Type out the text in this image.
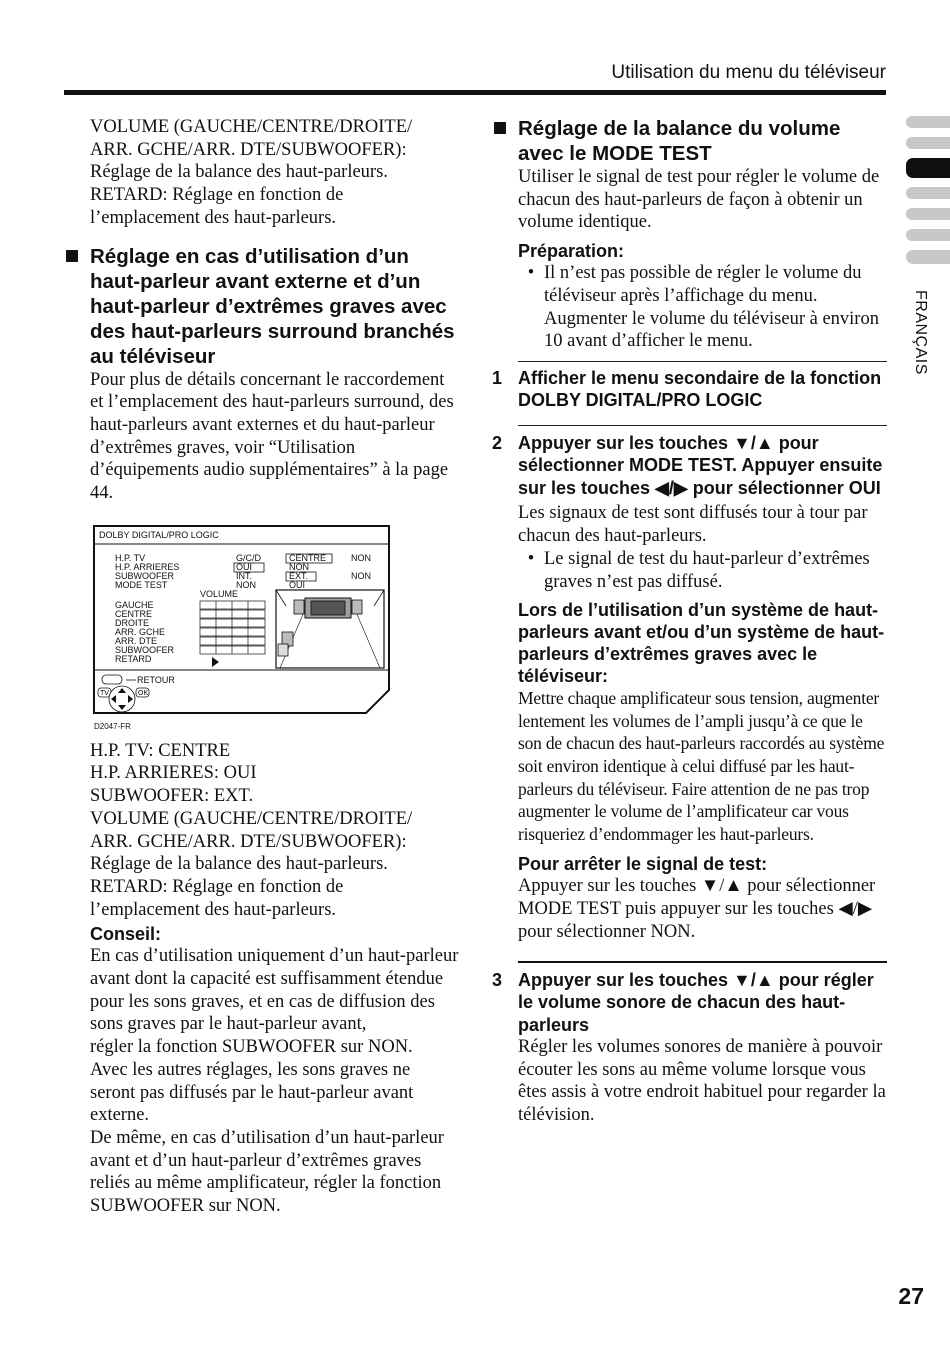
Utilisation du menu du téléviseur
FRANÇAIS
VOLUME (GAUCHE/CENTRE/DROITE/
ARR. GCHE/ARR. DTE/SUBWOOFER):
Réglage de la balance des haut-parleurs.
RETARD: Réglage en fonction de
l’emplacement des haut-parleurs.
Réglage en cas d’utilisation d’un haut-parleur avant externe et d’un haut-parleur d’extrêmes graves avec des haut-parleurs surround branchés au téléviseur

Pour plus de détails concernant le raccordement et l’emplacement des haut-parleurs surround, des haut-parleurs avant externes et du haut-parleur d’extrêmes graves, voir “Utilisation d’équipements audio supplémentaires” à la page 44.

DOLBY DIGITAL/PRO LOGIC
H.P. TV
H.P. ARRIERES
SUBWOOFER
MODE TEST
G/C/D
OUI
INT.
NON
CENTRE
NON
EXT.
OUI
NON
NON
VOLUME
GAUCHE
CENTRE
DROITE
ARR. GCHE
ARR. DTE
SUBWOOFER
RETARD
RETOUR
TV	OK
D2047-FR
H.P. TV: CENTRE
H.P. ARRIERES: OUI
SUBWOOFER: EXT.
VOLUME (GAUCHE/CENTRE/DROITE/
ARR. GCHE/ARR. DTE/SUBWOOFER):
Réglage de la balance des haut-parleurs.
RETARD: Réglage en fonction de
l’emplacement des haut-parleurs.
Conseil:
En cas d’utilisation uniquement d’un haut-parleur avant dont la capacité est suffisamment étendue pour les sons graves, et en cas de diffusion des sons graves par le haut-parleur avant,
régler la fonction SUBWOOFER sur NON.
Avec les autres réglages, les sons graves ne seront pas diffusés par le haut-parleur avant externe.
De même, en cas d’utilisation d’un haut-parleur avant et d’un haut-parleur d’extrêmes graves reliés au même amplificateur, régler la fonction SUBWOOFER sur NON.
Réglage de la balance du volume avec le MODE TEST

Utiliser le signal de test pour régler le volume de chacun des haut-parleurs de façon à obtenir un volume identique.

Préparation:
• Il n’est pas possible de régler le volume du téléviseur après l’affichage du menu. Augmenter le volume du téléviseur à environ 10 avant d’afficher le menu.
1 Afficher le menu secondaire de la fonction DOLBY DIGITAL/PRO LOGIC
2 Appuyer sur les touches ▼/▲ pour sélectionner MODE TEST. Appuyer ensuite sur les touches ◀/▶ pour sélectionner OUI

Les signaux de test sont diffusés tour à tour par chacun des haut-parleurs.

• Le signal de test du haut-parleur d’extrêmes graves n’est pas diffusé.
Lors de l’utilisation d’un système de haut-parleurs avant et/ou d’un système de haut-parleurs d’extrêmes graves avec le téléviseur:

Mettre chaque amplificateur sous tension, augmenter lentement les volumes de l’ampli jusqu’à ce que le son de chacun des haut-parleurs raccordés au système soit environ identique à celui diffusé par les haut-parleurs du téléviseur. Faire attention de ne pas trop augmenter le volume de l’amplificateur car vous risqueriez d’endommager les haut-parleurs.

Pour arrêter le signal de test:

Appuyer sur les touches ▼/▲ pour sélectionner MODE TEST puis appuyer sur les touches ◀/▶ pour sélectionner NON.

3 Appuyer sur les touches ▼/▲ pour régler le volume sonore de chacun des haut-parleurs

Régler les volumes sonores de manière à pouvoir écouter les sons au même volume lorsque vous êtes assis à votre endroit habituel pour regarder la télévision.

27
